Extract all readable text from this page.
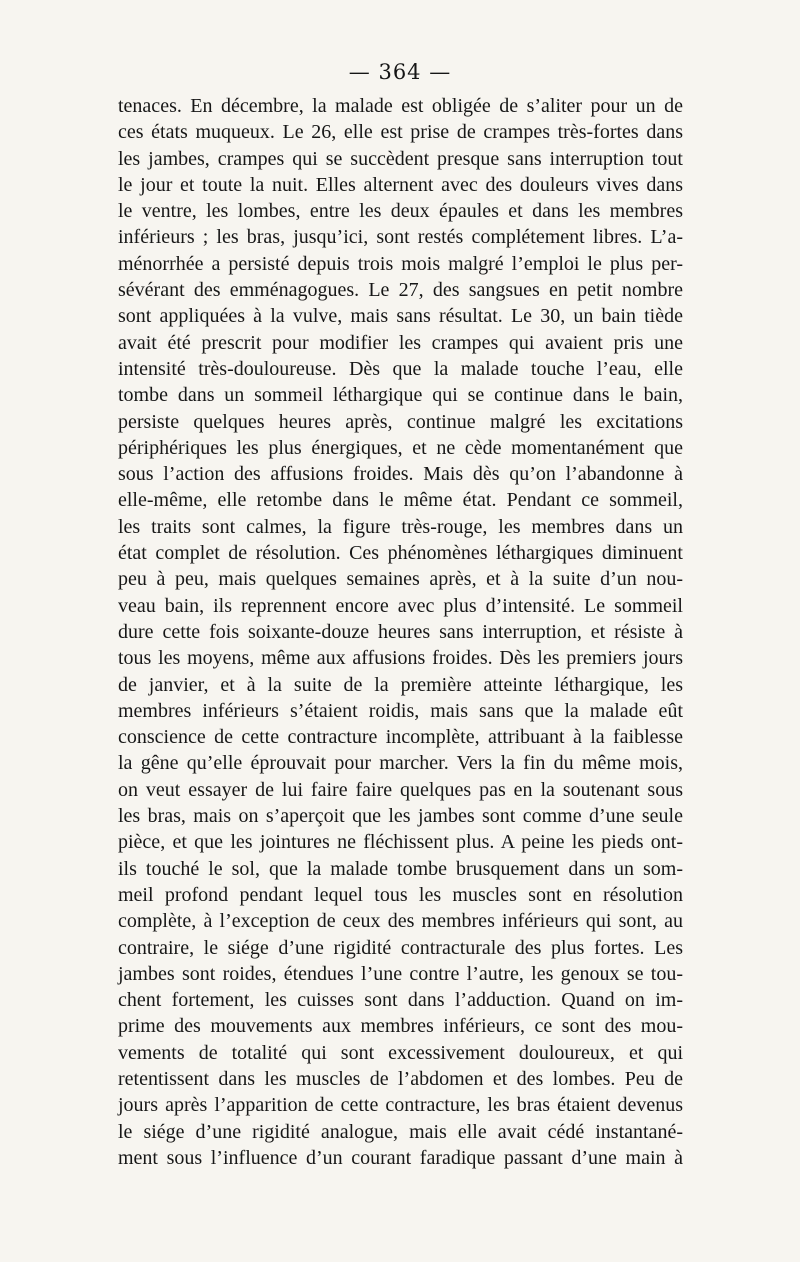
— 364 —
tenaces. En décembre, la malade est obligée de s’aliter pour un de
ces états muqueux. Le 26, elle est prise de crampes très-fortes dans
les jambes, crampes qui se succèdent presque sans interruption tout
le jour et toute la nuit. Elles alternent avec des douleurs vives dans
le ventre, les lombes, entre les deux épaules et dans les membres
inférieurs ; les bras, jusqu’ici, sont restés complétement libres. L’a-
ménorrhée a persisté depuis trois mois malgré l’emploi le plus per-
sévérant des emménagogues. Le 27, des sangsues en petit nombre
sont appliquées à la vulve, mais sans résultat. Le 30, un bain tiède
avait été prescrit pour modifier les crampes qui avaient pris une
intensité très-douloureuse. Dès que la malade touche l’eau, elle
tombe dans un sommeil léthargique qui se continue dans le bain,
persiste quelques heures après, continue malgré les excitations
périphériques les plus énergiques, et ne cède momentanément que
sous l’action des affusions froides. Mais dès qu’on l’abandonne à
elle-même, elle retombe dans le même état. Pendant ce sommeil,
les traits sont calmes, la figure très-rouge, les membres dans un
état complet de résolution. Ces phénomènes léthargiques diminuent
peu à peu, mais quelques semaines après, et à la suite d’un nou-
veau bain, ils reprennent encore avec plus d’intensité. Le sommeil
dure cette fois soixante-douze heures sans interruption, et résiste à
tous les moyens, même aux affusions froides. Dès les premiers jours
de janvier, et à la suite de la première atteinte léthargique, les
membres inférieurs s’étaient roidis, mais sans que la malade eût
conscience de cette contracture incomplète, attribuant à la faiblesse
la gêne qu’elle éprouvait pour marcher. Vers la fin du même mois,
on veut essayer de lui faire faire quelques pas en la soutenant sous
les bras, mais on s’aperçoit que les jambes sont comme d’une seule
pièce, et que les jointures ne fléchissent plus. A peine les pieds ont-
ils touché le sol, que la malade tombe brusquement dans un som-
meil profond pendant lequel tous les muscles sont en résolution
complète, à l’exception de ceux des membres inférieurs qui sont, au
contraire, le siége d’une rigidité contracturale des plus fortes. Les
jambes sont roides, étendues l’une contre l’autre, les genoux se tou-
chent fortement, les cuisses sont dans l’adduction. Quand on im-
prime des mouvements aux membres inférieurs, ce sont des mou-
vements de totalité qui sont excessivement douloureux, et qui
retentissent dans les muscles de l’abdomen et des lombes. Peu de
jours après l’apparition de cette contracture, les bras étaient devenus
le siége d’une rigidité analogue, mais elle avait cédé instantané-
ment sous l’influence d’un courant faradique passant d’une main à
